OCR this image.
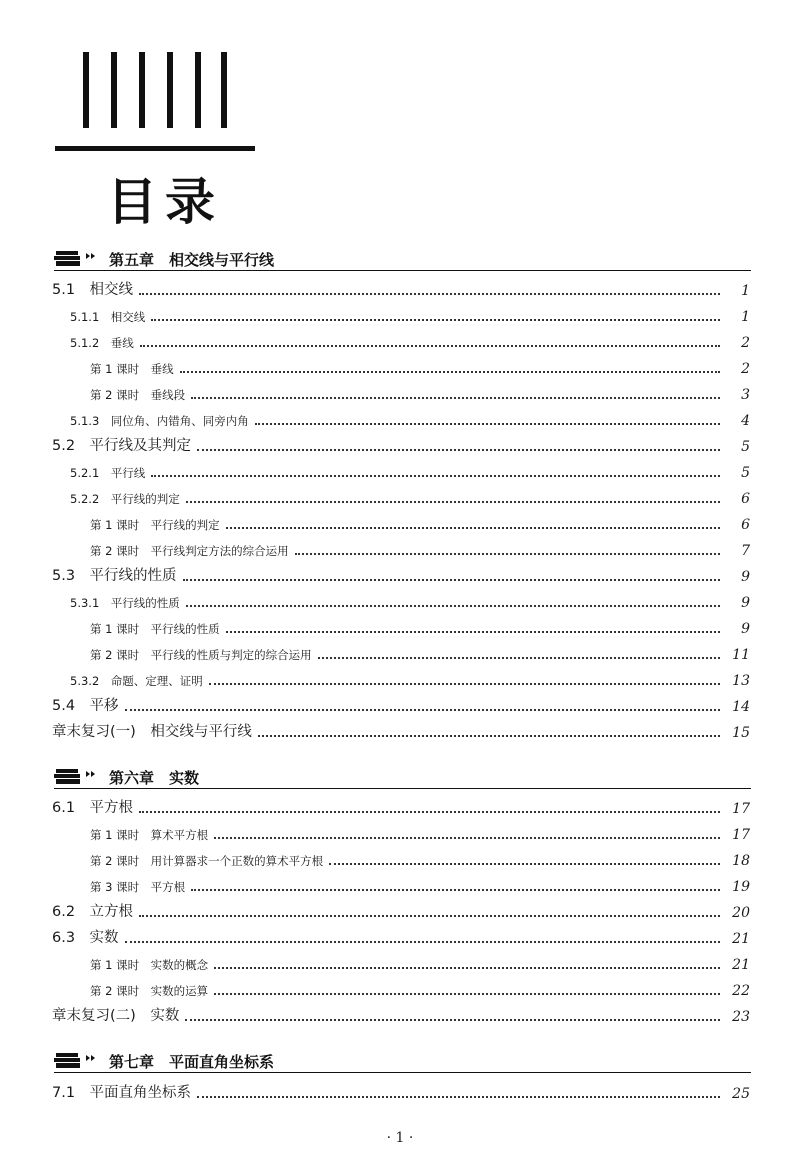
目录
第五章　相交线与平行线
5.1　相交线	1
5.1.1　相交线	1
5.1.2　垂线	2
第 1 课时　垂线	2
第 2 课时　垂线段	3
5.1.3　同位角、内错角、同旁内角	4
5.2　平行线及其判定	5
5.2.1　平行线	5
5.2.2　平行线的判定	6
第 1 课时　平行线的判定	6
第 2 课时　平行线判定方法的综合运用	7
5.3　平行线的性质	9
5.3.1　平行线的性质	9
第 1 课时　平行线的性质	9
第 2 课时　平行线的性质与判定的综合运用	11
5.3.2　命题、定理、证明	13
5.4　平移	14
章末复习(一)　相交线与平行线	15
第六章　实数
6.1　平方根	17
第 1 课时　算术平方根	17
第 2 课时　用计算器求一个正数的算术平方根	18
第 3 课时　平方根	19
6.2　立方根	20
6.3　实数	21
第 1 课时　实数的概念	21
第 2 课时　实数的运算	22
章末复习(二)　实数	23
第七章　平面直角坐标系
7.1　平面直角坐标系	25
· 1 ·
